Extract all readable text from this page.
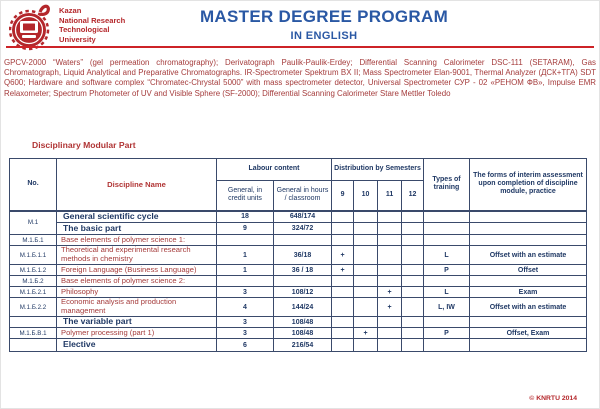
Kazan
National Research
Technological
University
MASTER DEGREE PROGRAM
IN ENGLISH
GPCV-2000 “Waters” (gel permeation chromatography); Derivatograph Paulik-Paulik-Erdey; Differential Scanning Calorimeter DSC-111 (SETARAM), Gas Chromatograph, Liquid Analytical and Preparative Chromatographs. IR-Spectrometer Spektrum BX II; Mass Spectrometer Elan-9001, Thermal Analyzer (ДСК+ТГА) SDT Q600; Hardware and software complex “Chromatec-Chrystal 5000” with mass spectrometer detector, Universal Spectrometer СУР - 02 «РЕНОМ ФВ», Impulse EMR Relaxometer; Spectrum Photometer of UV and Visible Sphere (SF-2000); Differential Scanning Calorimeter Stare Mettler Toledo
Disciplinary Modular Part
No.	Discipline Name	Labour content		Distribution by Semesters				Types of training	The forms of interim assessment upon completion of discipline module, practice
		General, in credit units	General in hours / classroom	9	10	11	12		
М.1	General scientific cycle	18	648/174						
	The basic part	9	324/72						
М.1.Б.1	Base elements of polymer science 1:								
М.1.Б.1.1	Theoretical and experimental research methods in chemistry	1	36/18	+				L	Offset with an estimate
М.1.Б.1.2	Foreign Language (Business Language)	1	36 / 18	+				P	Offset
М.1.Б.2	Base elements of polymer science 2:								
М.1.Б.2.1	Philosophy	3	108/12			+		L	Exam
М.1.Б.2.2	Economic analysis and production management	4	144/24			+		L, IW	Offset with an estimate
	The variable part	3	108/48						
М.1.Б.В.1	Polymer processing (part 1)	3	108/48		+			P	Offset, Exam
	Elective	6	216/54						
© KNRTU 2014
